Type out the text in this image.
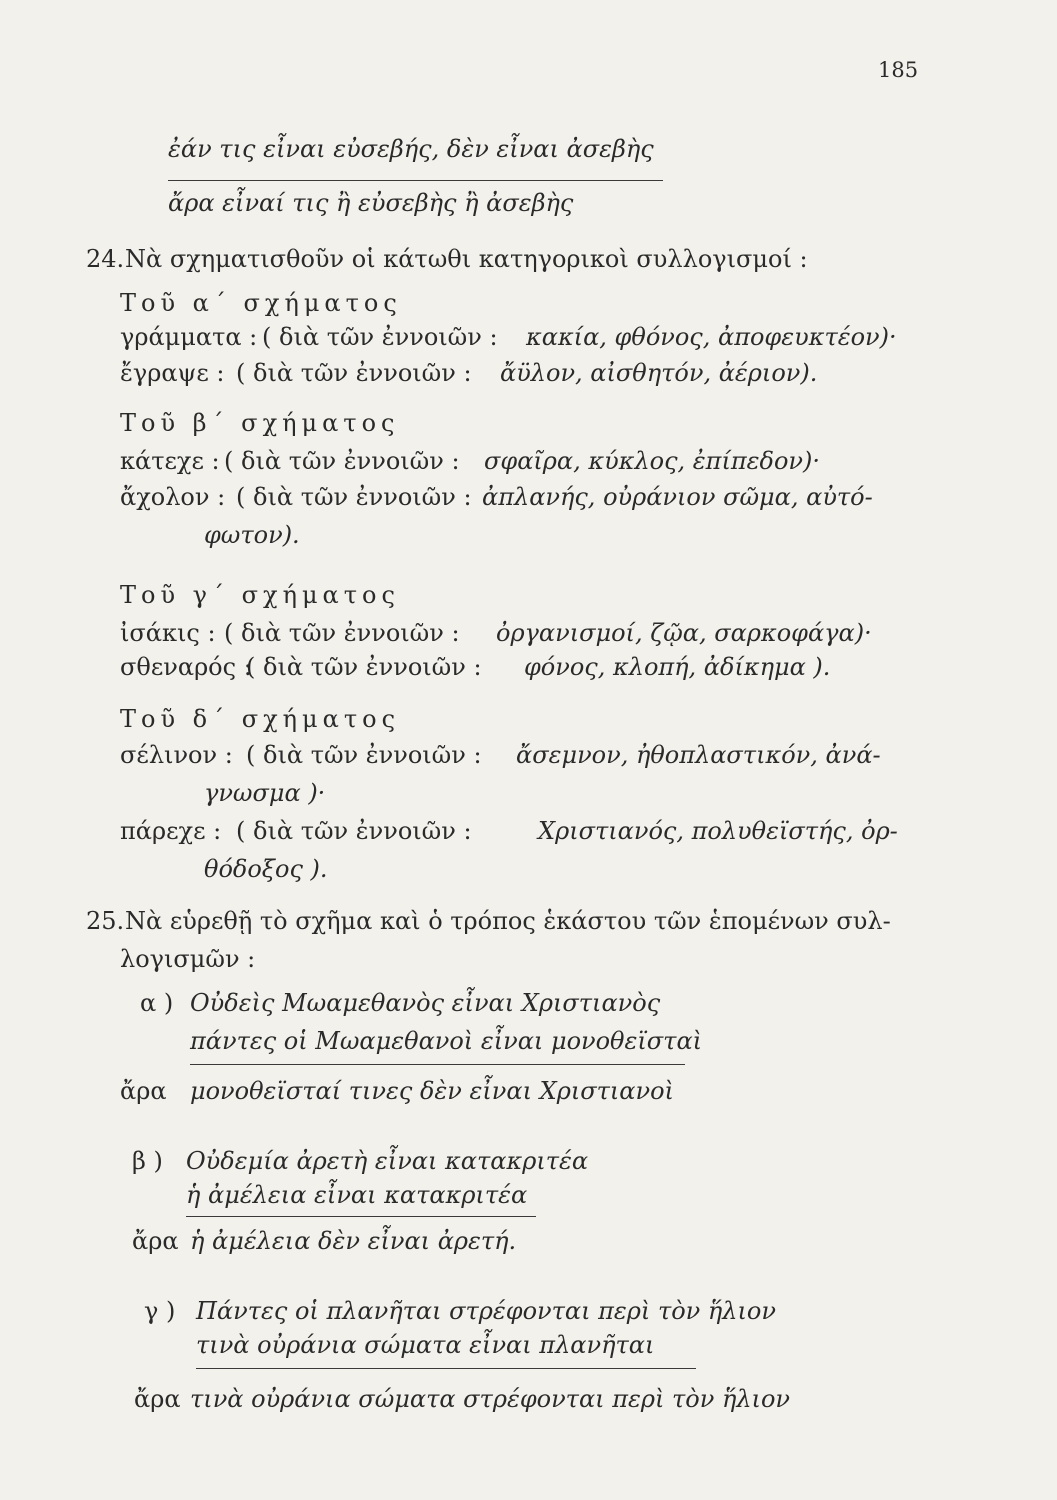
185
ἐάν τις εἶναι εὐσεβής, δὲν εἶναι ἀσεβὴς
ἄρα εἶναί τις ἢ εὐσεβὴς ἢ ἀσεβὴς
24. Νὰ σχηματισθοῦν οἱ κάτωθι κατηγορικοὶ συλλογισμοί :
Τοῦ α΄ σχήματος
γράμματα : ( διὰ τῶν ἐννοιῶν : κακία, φθόνος, ἀποφευκτέον)·
ἔγραψε : ( διὰ τῶν ἐννοιῶν : ἄϋλον, αἰσθητόν, ἀέριον).
Τοῦ β΄ σχήματος
κάτεχε : ( διὰ τῶν ἐννοιῶν : σφαῖρα, κύκλος, ἐπίπεδον)·
ἄχολον : ( διὰ τῶν ἐννοιῶν : ἀπλανής, οὐράνιον σῶμα, αὐτό-
φωτον).
Τοῦ γ΄ σχήματος
ἰσάκις : ( διὰ τῶν ἐννοιῶν : ὀργανισμοί, ζῷα, σαρκοφάγα)·
σθεναρός :
( διὰ τῶν ἐννοιῶν : φόνος, κλοπή, ἀδίκημα ).
Τοῦ δ΄ σχήματος
σέλινον : ( διὰ τῶν ἐννοιῶν : ἄσεμνον, ἠθοπλαστικόν, ἀνά-
γνωσμα )·
πάρεχε : ( διὰ τῶν ἐννοιῶν :	Χριστιανός, πολυθεϊστής, ὀρ-
θόδοξος ).
25. Νὰ εὑρεθῇ τὸ σχῆμα καὶ ὁ τρόπος ἑκάστου τῶν ἑπομένων συλ-
λογισμῶν :
α ) Οὐδεὶς Μωαμεθανὸς εἶναι Χριστιανὸς
πάντες οἱ Μωαμεθανοὶ εἶναι μονοθεϊσταὶ
ἄρα μονοθεϊσταί τινες δὲν εἶναι Χριστιανοὶ
β ) Οὐδεμία ἀρετὴ εἶναι κατακριτέα
ἡ ἀμέλεια εἶναι κατακριτέα
ἄρα ἡ ἀμέλεια δὲν εἶναι ἀρετή.
γ ) Πάντες οἱ πλανῆται στρέφονται περὶ τὸν ἥλιον
τινὰ οὐράνια σώματα εἶναι πλανῆται
ἄρα τινὰ οὐράνια σώματα στρέφονται περὶ τὸν ἥλιον
